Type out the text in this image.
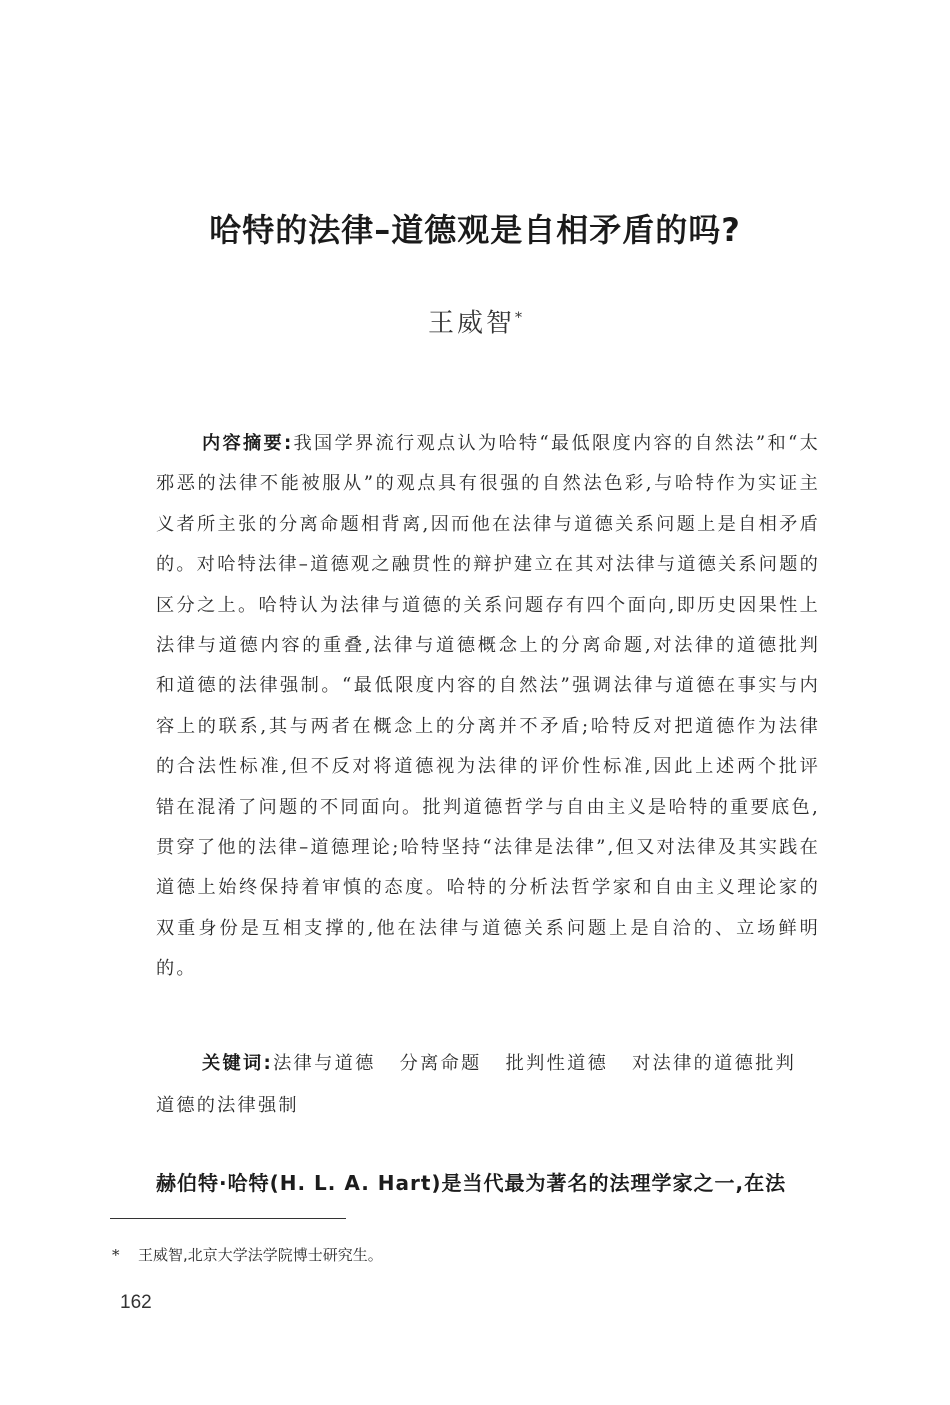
哈特的法律–道德观是自相矛盾的吗?
王威智*

内容摘要:我国学界流行观点认为哈特“最低限度内容的自然法”和“太邪恶的法律不能被服从”的观点具有很强的自然法色彩,与哈特作为实证主义者所主张的分离命题相背离,因而他在法律与道德关系问题上是自相矛盾的。对哈特法律–道德观之融贯性的辩护建立在其对法律与道德关系问题的区分之上。哈特认为法律与道德的关系问题存有四个面向,即历史因果性上法律与道德内容的重叠,法律与道德概念上的分离命题,对法律的道德批判和道德的法律强制。“最低限度内容的自然法”强调法律与道德在事实与内容上的联系,其与两者在概念上的分离并不矛盾;哈特反对把道德作为法律的合法性标准,但不反对将道德视为法律的评价性标准,因此上述两个批评错在混淆了问题的不同面向。批判道德哲学与自由主义是哈特的重要底色,贯穿了他的法律–道德理论;哈特坚持“法律是法律”,但又对法律及其实践在道德上始终保持着审慎的态度。哈特的分析法哲学家和自由主义理论家的双重身份是互相支撑的,他在法律与道德关系问题上是自洽的、立场鲜明的。

关键词:法律与道德 分离命题 批判性道德 对法律的道德批判道德的法律强制

赫伯特·哈特(H. L. A. Hart)是当代最为著名的法理学家之一,在法

* 王威智,北京大学法学院博士研究生。
162
